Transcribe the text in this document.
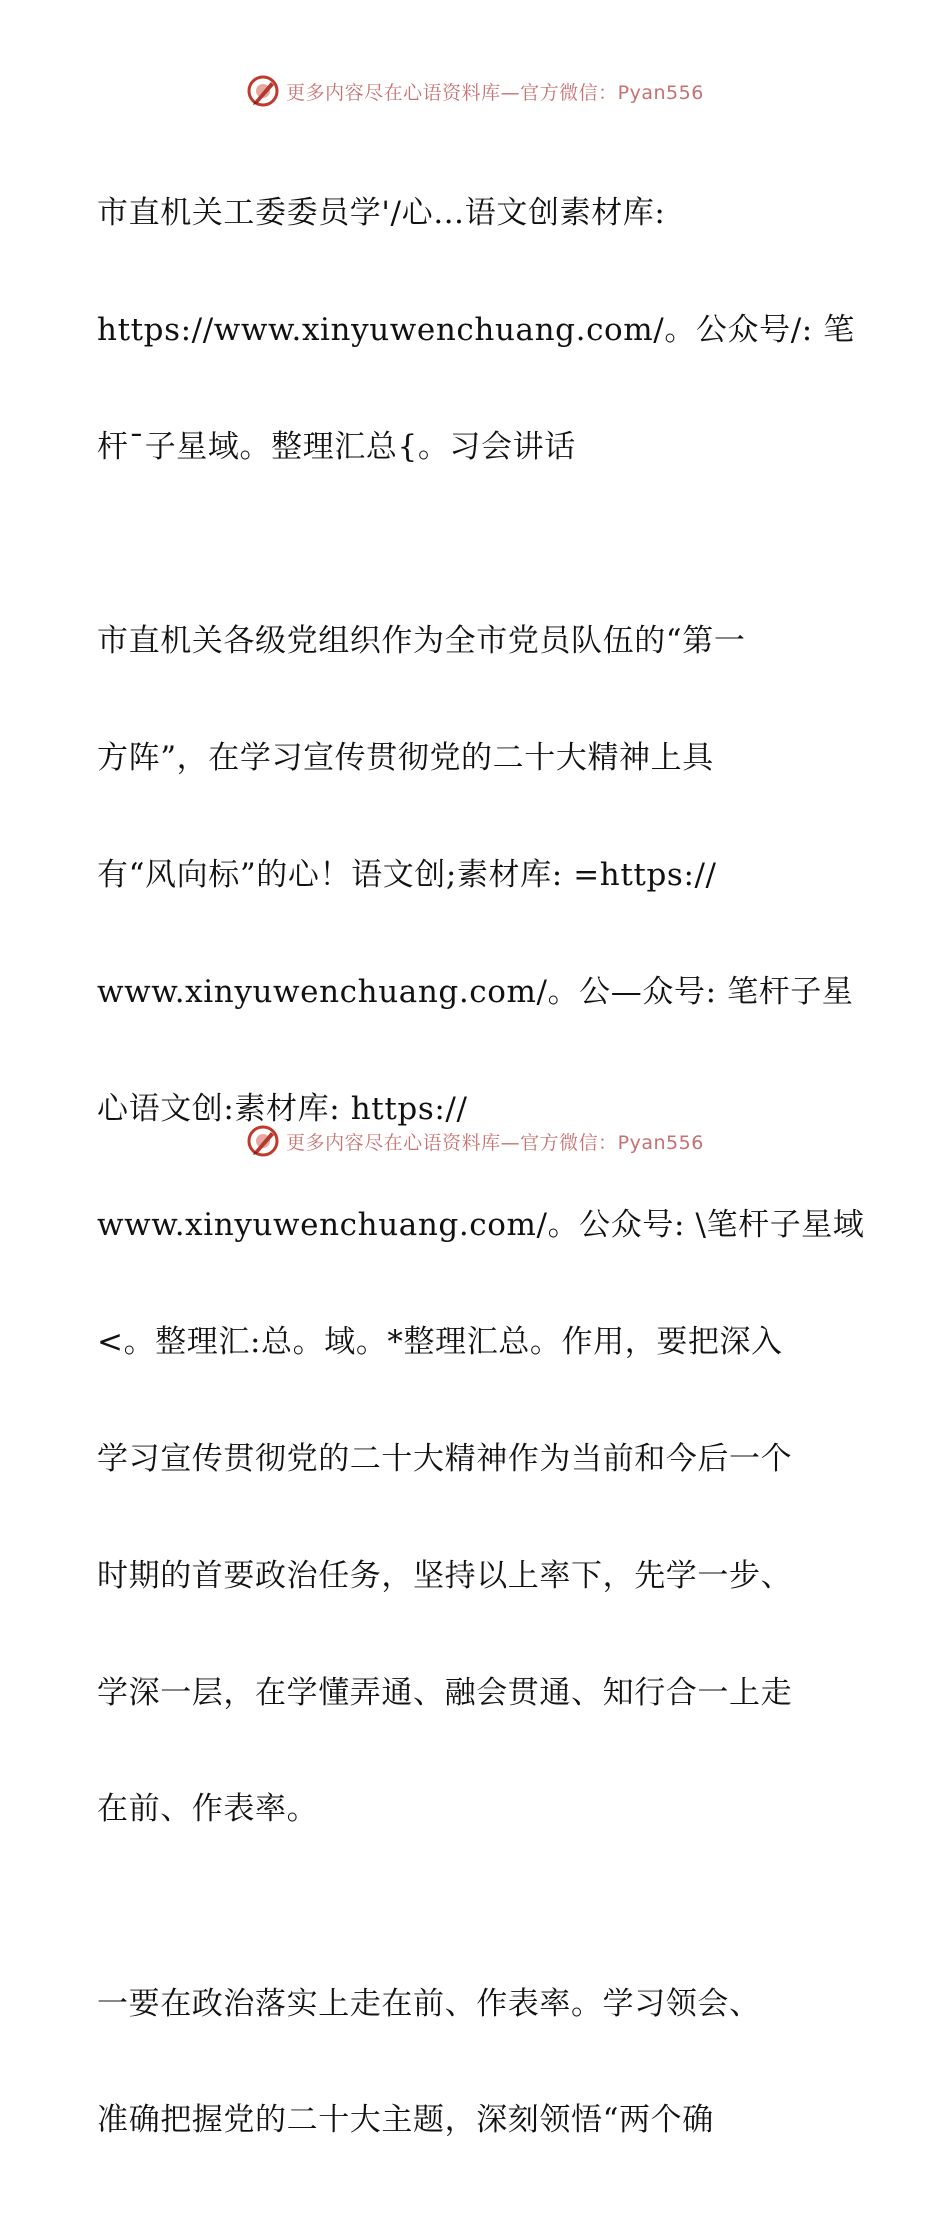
更多内容尽在心语资料库—官方微信：Pyan556

市直机关工委委员学'/心…语文创素材库:

https://www.xinyuwenchuang.com/。公众号/: 笔

杆¯子星域。整理汇总{。习会讲话

市直机关各级党组织作为全市党员队伍的“第一

方阵”，在学习宣传贯彻党的二十大精神上具

有“风向标”的心！语文创;素材库: =https://

www.xinyuwenchuang.com/。公—众号: 笔杆子星

心语文创:素材库: https://

www.xinyuwenchuang.com/。公众号: \笔杆子星域

<。整理汇:总。域。*整理汇总。作用，要把深入

学习宣传贯彻党的二十大精神作为当前和今后一个

时期的首要政治任务，坚持以上率下，先学一步、

学深一层，在学懂弄通、融会贯通、知行合一上走

在前、作表率。

一要在政治落实上走在前、作表率。学习领会、

准确把握党的二十大主题，深刻领悟“两个确

更多内容尽在心语资料库—官方微信：Pyan556
